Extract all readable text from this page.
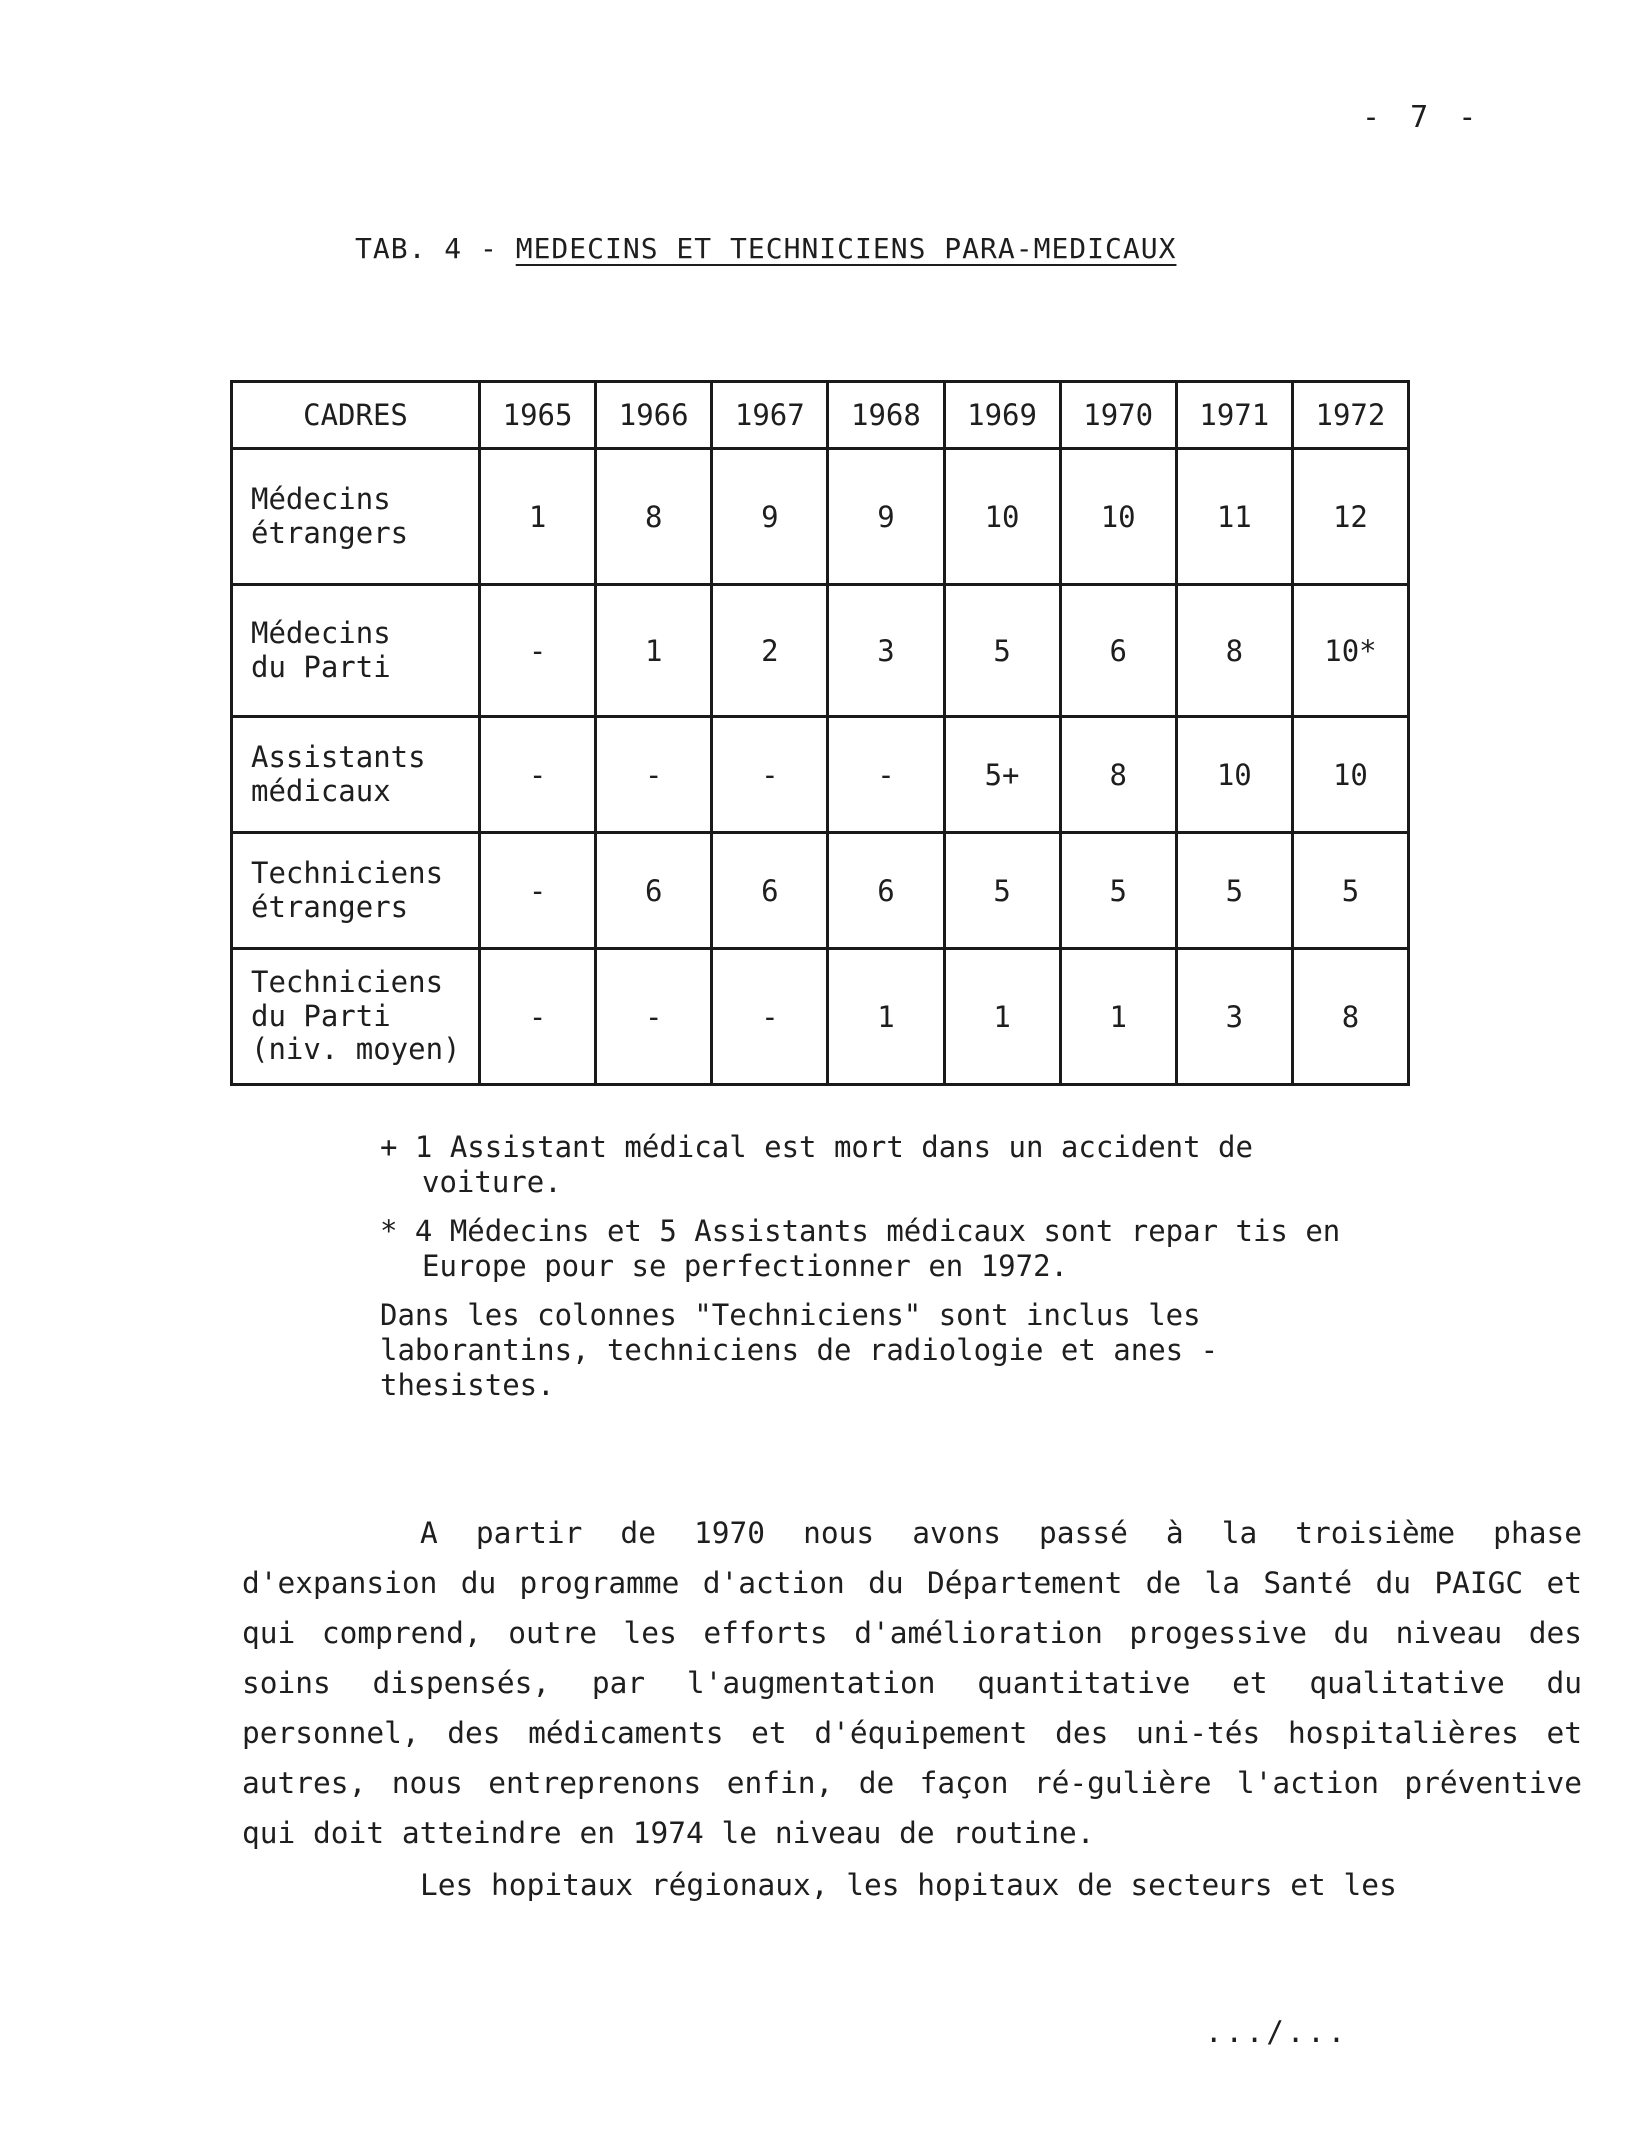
- 7 -
TAB. 4 - MEDECINS ET TECHNICIENS PARA-MEDICAUX
CADRES	1965	1966	1967	1968	1969	1970	1971	1972
Médecins
étrangers	1	8	9	9	10	10	11	12
Médecins
du Parti	-	1	2	3	5	6	8	10*
Assistants
médicaux	-	-	-	-	5+	8	10	10
Techniciens
étrangers	-	6	6	6	5	5	5	5
Techniciens
du Parti
(niv. moyen)	-	-	-	1	1	1	3	8

+ 1 Assistant médical est mort dans un accident de voiture.

* 4 Médecins et 5 Assistants médicaux sont repar tis en Europe pour se perfectionner en 1972.

Dans les colonnes "Techniciens" sont inclus les laborantins, techniciens de radiologie et anes - thesistes.

A partir de 1970 nous avons passé à la troisième phase d'expansion du programme d'action du Département de la Santé du PAIGC et qui comprend, outre les efforts d'amélioration progessive du niveau des soins dispensés, par l'augmentation quantitative et qualitative du personnel, des médicaments et d'équipement des uni-tés hospitalières et autres, nous entreprenons enfin, de façon ré-gulière l'action préventive qui doit atteindre en 1974 le niveau de routine.

Les hopitaux régionaux, les hopitaux de secteurs et les

.../...
